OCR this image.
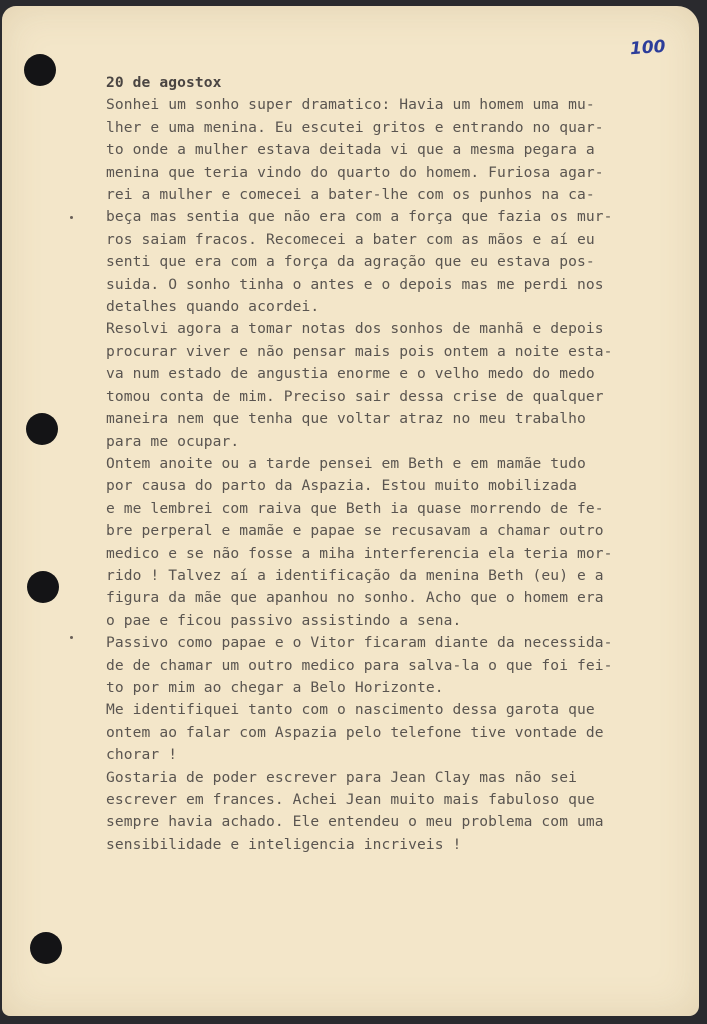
100
20 de agostox
Sonhei um sonho super dramatico: Havia um homem uma mu-
lher e uma menina. Eu escutei gritos e entrando no quar-
to onde a mulher estava deitada vi que a mesma pegara a
menina que teria vindo do quarto do homem. Furiosa agar-
rei a mulher e comecei a bater-lhe com os punhos na ca-
beça mas sentia que não era com a força que fazia os mur-
ros saiam fracos. Recomecei a bater com as mãos e aí eu
senti que era com a força da agração que eu estava pos-
suida. O sonho tinha o antes e o depois mas me perdi nos
detalhes quando acordei.
Resolvi agora a tomar notas dos sonhos de manhã e depois
procurar viver e não pensar mais pois ontem a noite esta-
va num estado de angustia enorme e o velho medo do medo
tomou conta de mim. Preciso sair dessa crise de qualquer
maneira nem que tenha que voltar atraz no meu trabalho
para me ocupar.
Ontem anoite ou a tarde pensei em Beth e em mamãe tudo
por causa do parto da Aspazia. Estou muito mobilizada
e me lembrei com raiva que Beth ia quase morrendo de fe-
bre perperal e mamãe e papae se recusavam a chamar outro
medico e se não fosse a miha interferencia ela teria mor-
rido ! Talvez aí a identificação da menina Beth (eu) e a
figura da mãe que apanhou no sonho. Acho que o homem era
o pae e ficou passivo assistindo a sena.
Passivo como papae e o Vitor ficaram diante da necessida-
de de chamar um outro medico para salva-la o que foi fei-
to por mim ao chegar a Belo Horizonte.
Me identifiquei tanto com o nascimento dessa garota que
ontem ao falar com Aspazia pelo telefone tive vontade de
chorar !
Gostaria de poder escrever para Jean Clay mas não sei
escrever em frances. Achei Jean muito mais fabuloso que
sempre havia achado. Ele entendeu o meu problema com uma
sensibilidade e inteligencia incriveis !
